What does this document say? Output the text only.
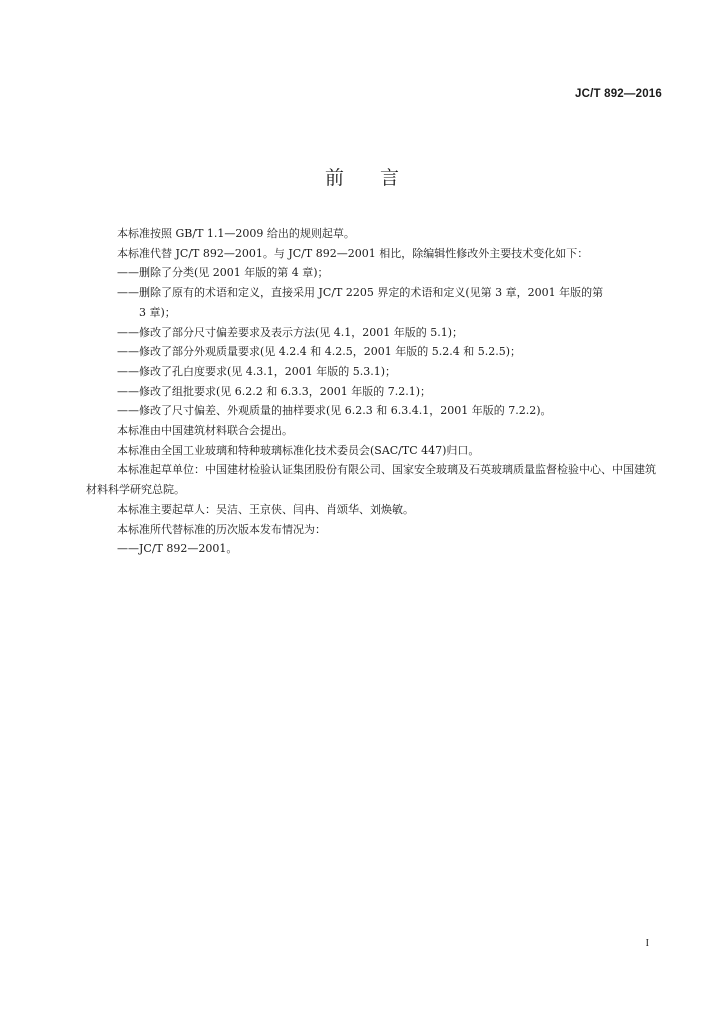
JC/T 892—2016
前 言

本标准按照 GB/T 1.1—2009 给出的规则起草。

本标准代替 JC/T 892—2001。与 JC/T 892—2001 相比，除编辑性修改外主要技术变化如下：

——删除了分类(见 2001 年版的第 4 章)；

——删除了原有的术语和定义，直接采用 JC/T 2205 界定的术语和定义(见第 3 章，2001 年版的第

3 章)；

——修改了部分尺寸偏差要求及表示方法(见 4.1，2001 年版的 5.1)；

——修改了部分外观质量要求(见 4.2.4 和 4.2.5，2001 年版的 5.2.4 和 5.2.5)；

——修改了孔白度要求(见 4.3.1，2001 年版的 5.3.1)；

——修改了组批要求(见 6.2.2 和 6.3.3，2001 年版的 7.2.1)；

——修改了尺寸偏差、外观质量的抽样要求(见 6.2.3 和 6.3.4.1，2001 年版的 7.2.2)。

本标准由中国建筑材料联合会提出。

本标准由全国工业玻璃和特种玻璃标准化技术委员会(SAC/TC 447)归口。

本标准起草单位：中国建材检验认证集团股份有限公司、国家安全玻璃及石英玻璃质量监督检验中心、中国建筑材料科学研究总院。

本标准主要起草人：吴洁、王京侠、闫冉、肖颂华、刘焕敏。

本标准所代替标准的历次版本发布情况为：

——JC/T 892—2001。

I
